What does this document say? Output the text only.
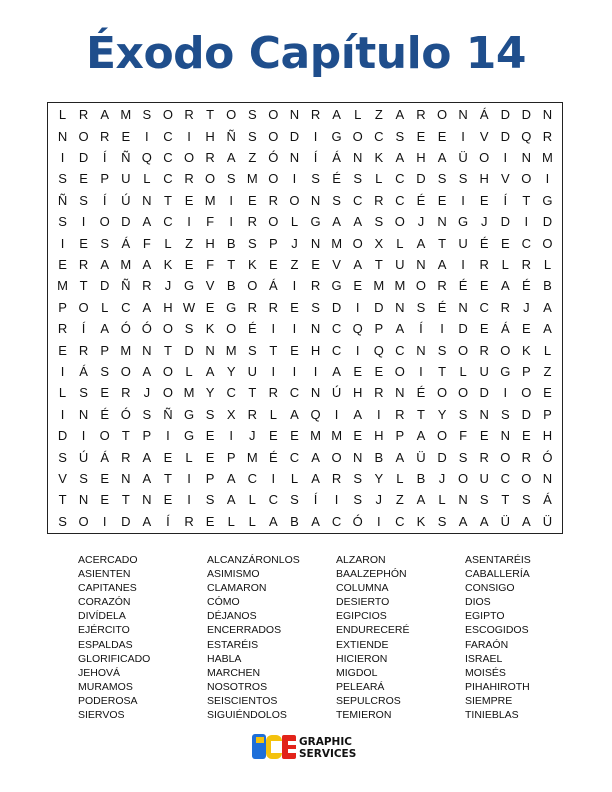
Éxodo Capítulo 14
L R A M S O R T O S O N R A	L	Z A R O N Á D D N
N O R E	I	C	I	H Ñ S O D	I	G O C S E E	I	V D Q R
I	D	Í	Ñ Q C O R A Z Ó N	Í	Á N K A H A Ü O	I	N M
S E P U L C R O S M O	I	S É S	L C D S S H V O	I
Ñ S	Í	Ú N T E M	I	E R O N S C R C É E	I	E	Í	T G
S	I	O D A C	I	F	I	R O L G A A S O J	N G J	D	I	D
I	E S Á F	L	Z H B S P	J	N M O X	L	A T U É E C O
E R A M A K E F	T K E Z E V A T U N A	I	R L R L
M T D Ñ R	J G V B O Á	I	R G E M M O R É E A É B
P O L C A H W E G R R E S D	I	D N S É N C R	J	A
R	Í	A Ó Ó O S K O É	I	I	N C Q P A	Í	I	D E Á E A
E R P M N T D N M S T E H C	I	Q C N S O R O K	L
I	Á S O A O L	A Y U	I	I	I	A E E O	I	T	L U G P Z
L	S E R	J O M Y C T R C N Ú H R N É O O D	I	O E
I	N É Ó S Ñ G S X R L	A Q	I	A	I	R T Y S N S D P
D	I	O T P	I	G E	I	J	E E M M E H P A O F E N E H
S Ú Á R A E	L	E P M É C A O N B A Ü D S R O R Ó
V S E N A T	I	P A C	I	L	A R S Y	L	B	J O U C O N
T N E T N E	I	S A	L C S	Í	I	S	J	Z A	L N S T S Á
S O	I	D A	Í	R E	L	L	A B A C Ó	I	C K S A A Ü A Ü
ACERCADO
ASIENTEN
CAPITANES
CORAZÓN
DIVÍDELA
EJÉRCITO
ESPALDAS
GLORIFICADO
JEHOVÁ
MURAMOS
PODEROSA
SIERVOS
ALCANZÁRONLOS
ASIMISMO
CLAMARON
CÓMO
DÉJANOS
ENCERRADOS
ESTARÉIS
HABLA
MARCHEN
NOSOTROS
SEISCIENTOS
SIGUIÉNDOLOS
ALZARON
BAALZEPHÓN
COLUMNA
DESIERTO
EGIPCIOS
ENDURECERÉ
EXTIENDE
HICIERON
MIGDOL
PELEARÁ
SEPULCROS
TEMIERON
ASENTARÉIS
CABALLERÍA
CONSIGO
DIOS
EGIPTO
ESCOGIDOS
FARAÓN
ISRAEL
MOISÉS
PIHAHIROTH
SIEMPRE
TINIEBLAS
GRAPHIC
SERVICES
